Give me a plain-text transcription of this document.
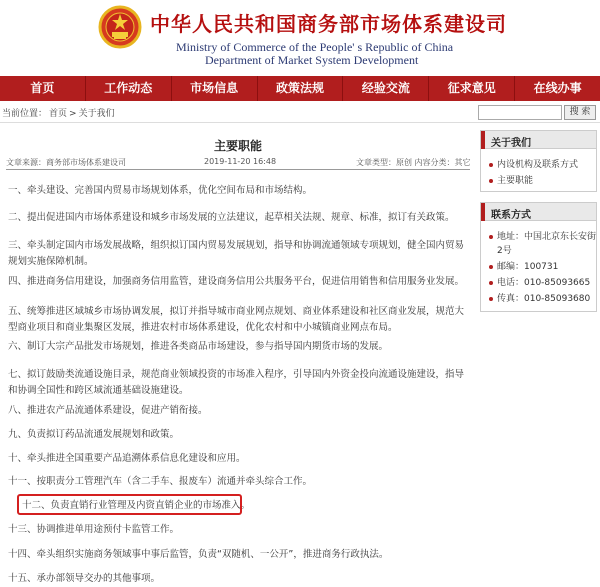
中华人民共和国商务部市场体系建设司
Ministry of Commerce of the People' s Republic of China
Department of Market System Development
首页	工作动态	市场信息	政策法规	经验交流	征求意见	在线办事
当前位置： 首页 > 关于我们	搜 索
主要职能
文章来源：商务部市场体系建设司	2019-11-20 16:48	文章类型：原创 内容分类：其它
一、牵头建设、完善国内贸易市场规划体系，优化空间布局和市场结构。
二、提出促进国内市场体系建设和城乡市场发展的立法建议，起草相关法规、规章、标准，拟订有关政策。
三、牵头制定国内市场发展战略，组织拟订国内贸易发展规划，指导和协调流通领域专项规划，健全国内贸易规划实施保障机制。
四、推进商务信用建设，加强商务信用监管，建设商务信用公共服务平台，促进信用销售和信用服务业发展。
五、统筹推进区域城乡市场协调发展，拟订并指导城市商业网点规划、商业体系建设和社区商业发展，规范大型商业项目和商业集聚区发展，推进农村市场体系建设，优化农村和中小城镇商业网点布局。
六、制订大宗产品批发市场规划，推进各类商品市场建设，参与指导国内期货市场的发展。
七、拟订鼓励类流通设施目录，规范商业领域投资的市场准入程序，引导国内外资金投向流通设施建设，指导和协调全国性和跨区域流通基础设施建设。
八、推进农产品流通体系建设，促进产销衔接。
九、负责拟订药品流通发展规划和政策。
十、牵头推进全国重要产品追溯体系信息化建设和应用。
十一、按职责分工管理汽车（含二手车、报废车）流通并牵头综合工作。
十二、负责直销行业管理及内资直销企业的市场准入。
十三、协调推进单用途预付卡监管工作。
十四、牵头组织实施商务领域事中事后监管，负责“双随机、一公开”，推进商务行政执法。
十五、承办部领导交办的其他事项。
关于我们
内设机构及联系方式
主要职能
联系方式
地址：中国北京东长安街
2号
邮编：100731
电话：010-85093665
传真：010-85093680
